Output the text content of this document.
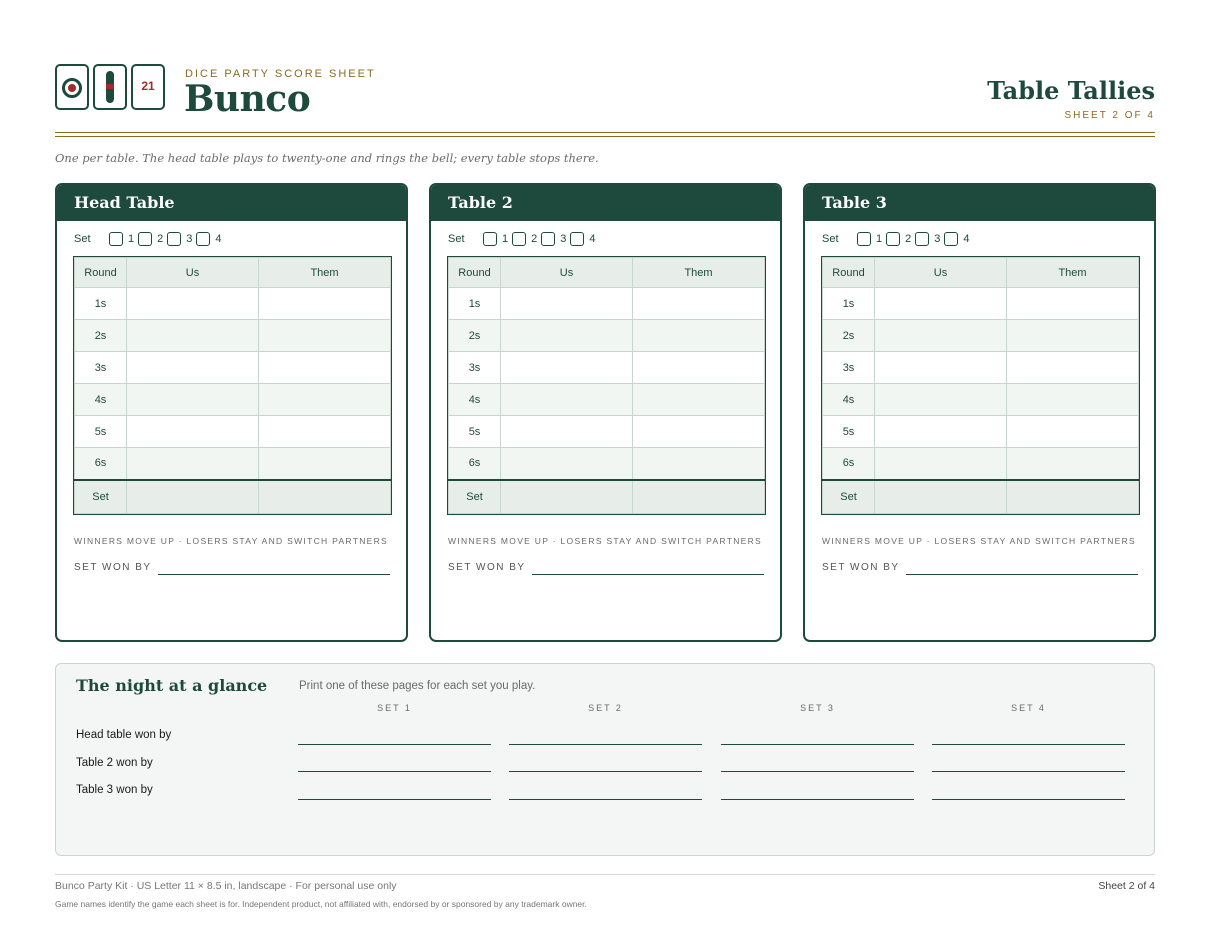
21
DICE PARTY SCORE SHEET
Bunco	Table Tallies
SHEET 2 OF 4
One per table. The head table plays to twenty-one and rings the bell; every table stops there.
Head Table
Set	1 2 3 4
Round	Us	Them
1s		
2s		
3s		
4s		
5s		
6s		
Set		
WINNERS MOVE UP · LOSERS STAY AND SWITCH PARTNERS
SET WON BY
Table 2
Set	1 2 3 4
Round	Us	Them
1s		
2s		
3s		
4s		
5s		
6s		
Set		
WINNERS MOVE UP · LOSERS STAY AND SWITCH PARTNERS
SET WON BY
Table 3
Set	1 2 3 4
Round	Us	Them
1s		
2s		
3s		
4s		
5s		
6s		
Set		
WINNERS MOVE UP · LOSERS STAY AND SWITCH PARTNERS
SET WON BY
The night at a glance	Print one of these pages for each set you play.
SET 1	SET 2	SET 3	SET 4
Head table won by
Table 2 won by
Table 3 won by
Bunco Party Kit · US Letter 11 × 8.5 in, landscape · For personal use only	Sheet 2 of 4
Game names identify the game each sheet is for. Independent product, not affiliated with, endorsed by or sponsored by any trademark owner.
